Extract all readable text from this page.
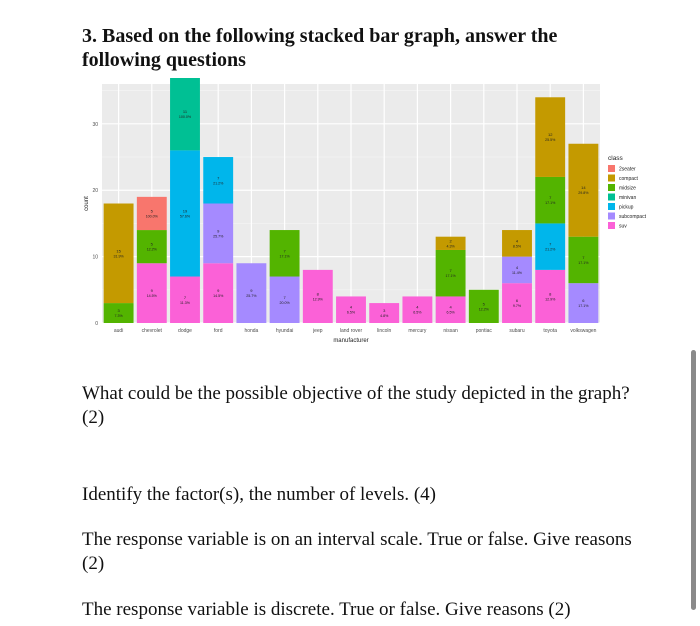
3. Based on the following stacked bar graph, answer the following questions
0
10
20
30
3
7.3%
15
31.9%
audi
9
14.5%
5
12.2%
5
100.0%
chevrolet
7
11.3%
19
57.6%
11
100.0%
dodge
9
14.5%
9
25.7%
7
21.2%
ford
9
25.7%
honda
7
20.0%
7
17.1%
hyundai
8
12.9%
jeep
4
6.5%
land rover
3
4.8%
lincoln
4
6.5%
mercury
4
6.5%
7
17.1%
2
4.3%
nissan
5
12.2%
pontiac
6
9.7%
4
11.4%
4
8.5%
subaru
8
12.9%
7
21.2%
7
17.1%
12
25.5%
toyota
6
17.1%
7
17.1%
14
29.8%
volkswagen
manufacturer
count
class
2seater
compact
midsize
minivan
pickup
subcompact
suv

What could be the possible objective of the study depicted in the graph? (2)

Identify the factor(s), the number of levels. (4)

The response variable is on an interval scale. True or false. Give reasons (2)

The response variable is discrete. True or false. Give reasons (2)
